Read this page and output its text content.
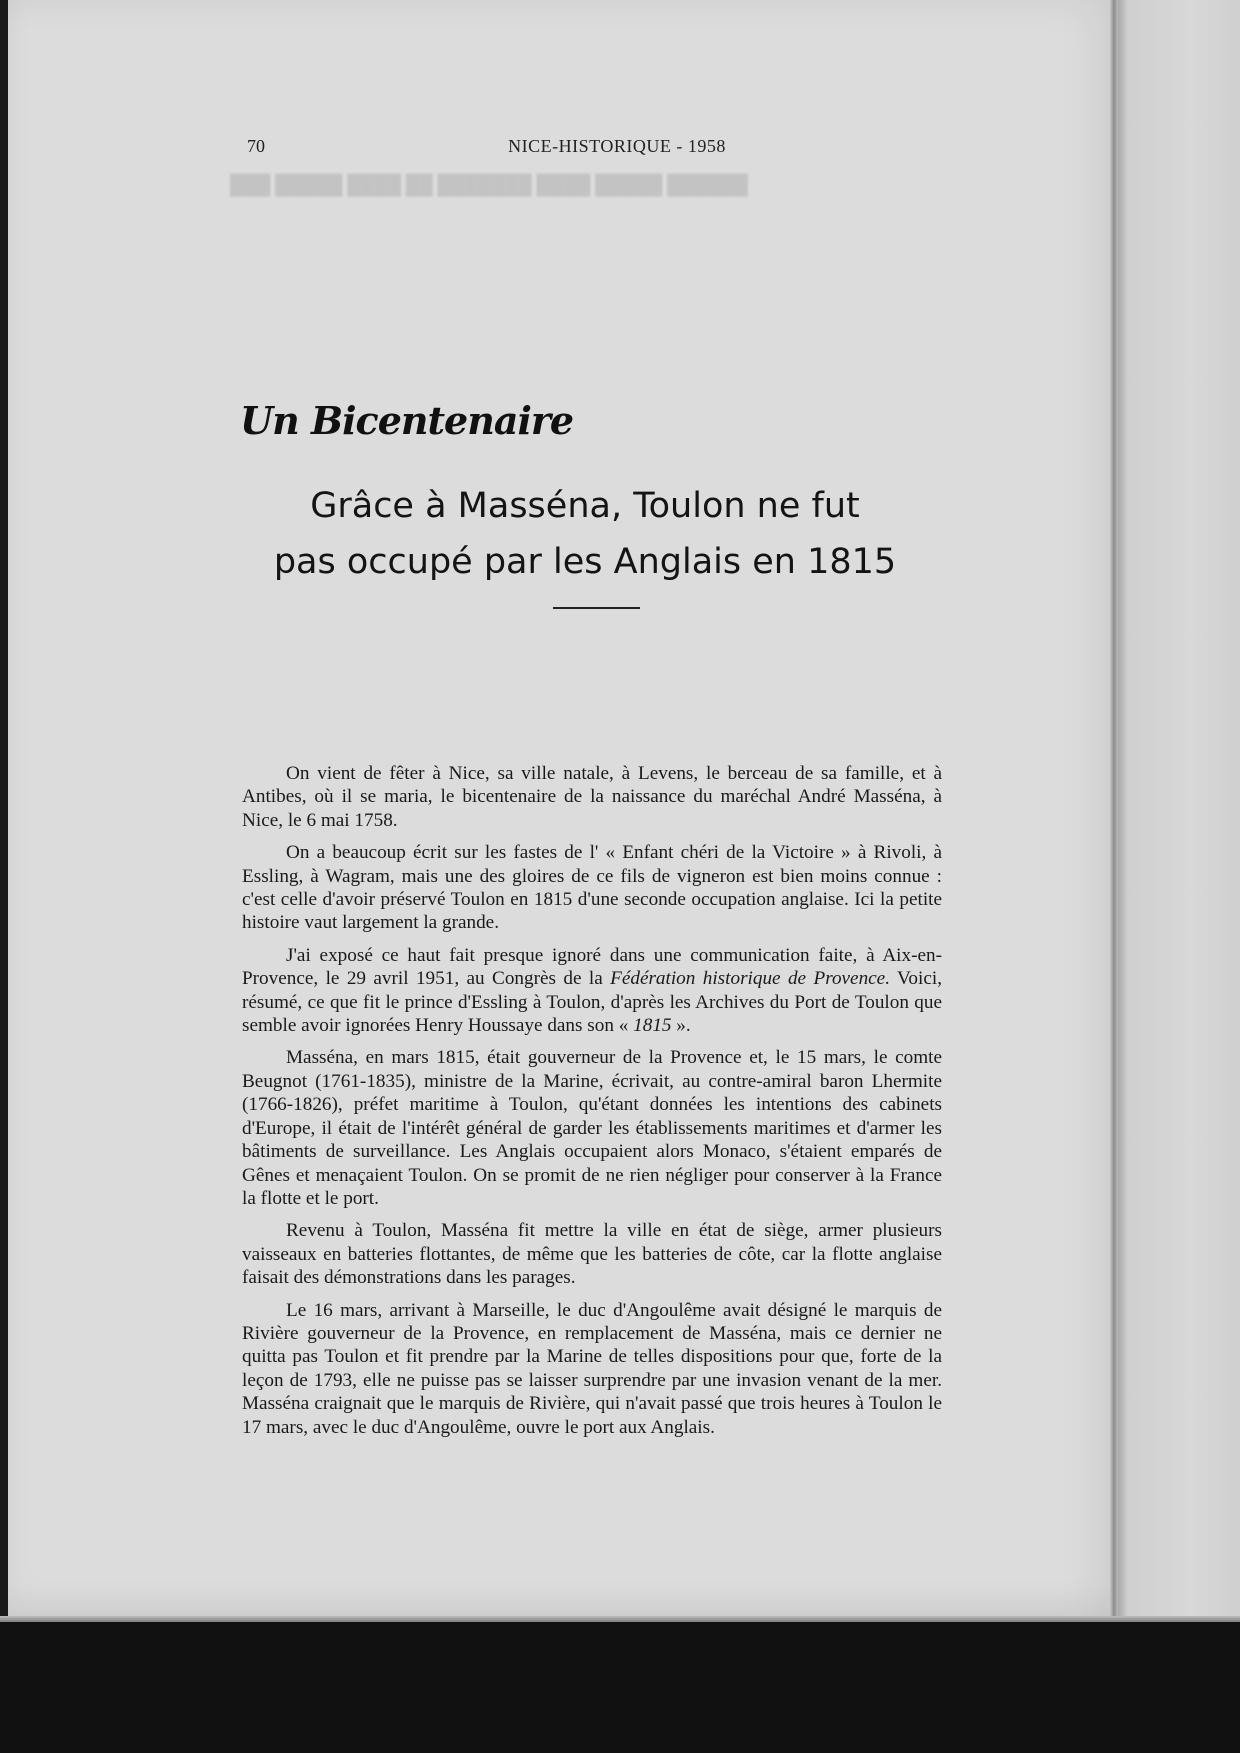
███ █████ ████ ██ ███████ ████ █████ ██████

70	NICE-HISTORIQUE - 1958
Un Bicentenaire
Grâce à Masséna, Toulon ne fut
pas occupé par les Anglais en 1815

On vient de fêter à Nice, sa ville natale, à Levens, le berceau de sa famille, et à Antibes, où il se maria, le bicentenaire de la naissance du maréchal André Masséna, à Nice, le 6 mai 1758.

On a beaucoup écrit sur les fastes de l' « Enfant chéri de la Victoire » à Rivoli, à Essling, à Wagram, mais une des gloires de ce fils de vigneron est bien moins connue : c'est celle d'avoir préservé Toulon en 1815 d'une seconde occupation anglaise. Ici la petite histoire vaut largement la grande.

J'ai exposé ce haut fait presque ignoré dans une communication faite, à Aix-en-Provence, le 29 avril 1951, au Congrès de la Fédération historique de Provence. Voici, résumé, ce que fit le prince d'Essling à Toulon, d'après les Archives du Port de Toulon que semble avoir ignorées Henry Houssaye dans son « 1815 ».

Masséna, en mars 1815, était gouverneur de la Provence et, le 15 mars, le comte Beugnot (1761-1835), ministre de la Marine, écrivait, au contre-amiral baron Lhermite (1766-1826), préfet maritime à Toulon, qu'étant données les intentions des cabinets d'Europe, il était de l'intérêt général de garder les établissements maritimes et d'armer les bâtiments de surveillance. Les Anglais occupaient alors Monaco, s'étaient emparés de Gênes et menaçaient Toulon. On se promit de ne rien négliger pour conserver à la France la flotte et le port.

Revenu à Toulon, Masséna fit mettre la ville en état de siège, armer plusieurs vaisseaux en batteries flottantes, de même que les batteries de côte, car la flotte anglaise faisait des démonstrations dans les parages.

Le 16 mars, arrivant à Marseille, le duc d'Angoulême avait désigné le marquis de Rivière gouverneur de la Provence, en remplacement de Masséna, mais ce dernier ne quitta pas Toulon et fit prendre par la Marine de telles dispositions pour que, forte de la leçon de 1793, elle ne puisse pas se laisser surprendre par une invasion venant de la mer. Masséna craignait que le marquis de Rivière, qui n'avait passé que trois heures à Toulon le 17 mars, avec le duc d'Angoulême, ouvre le port aux Anglais.
